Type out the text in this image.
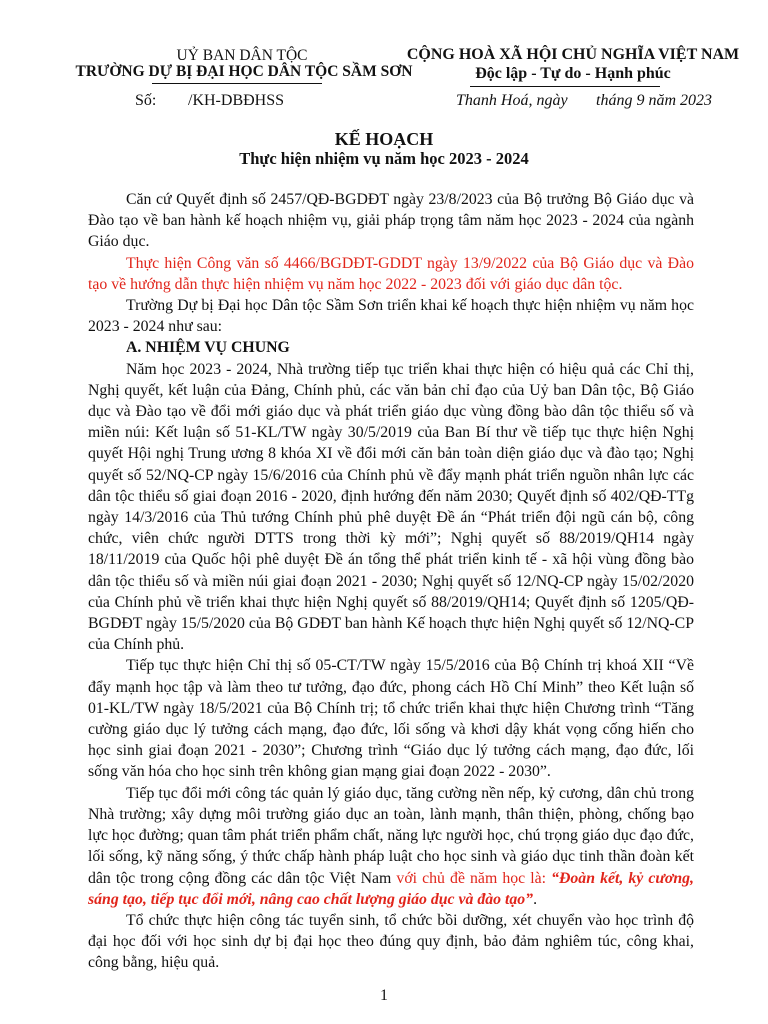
UỶ BAN DÂN TỘC
TRƯỜNG DỰ BỊ ĐẠI HỌC DÂN TỘC SẦM SƠN
CỘNG HOÀ XÃ HỘI CHỦ NGHĨA VIỆT NAM
Độc lập - Tự do - Hạnh phúc
Số: /KH-DBĐHSS	Thanh Hoá, ngày tháng 9 năm 2023
KẾ HOẠCH
Thực hiện nhiệm vụ năm học 2023 - 2024

Căn cứ Quyết định số 2457/QĐ-BGDĐT ngày 23/8/2023 của Bộ trưởng Bộ Giáo dục và Đào tạo về ban hành kế hoạch nhiệm vụ, giải pháp trọng tâm năm học 2023 - 2024 của ngành Giáo dục.

Thực hiện Công văn số 4466/BGDĐT-GDDT ngày 13/9/2022 của Bộ Giáo dục và Đào tạo về hướng dẫn thực hiện nhiệm vụ năm học 2022 - 2023 đối với giáo dục dân tộc.

Trường Dự bị Đại học Dân tộc Sầm Sơn triển khai kế hoạch thực hiện nhiệm vụ năm học 2023 - 2024 như sau:

A. NHIỆM VỤ CHUNG

Năm học 2023 - 2024, Nhà trường tiếp tục triển khai thực hiện có hiệu quả các Chỉ thị, Nghị quyết, kết luận của Đảng, Chính phủ, các văn bản chỉ đạo của Uỷ ban Dân tộc, Bộ Giáo dục và Đào tạo về đổi mới giáo dục và phát triển giáo dục vùng đồng bào dân tộc thiểu số và miền núi: Kết luận số 51-KL/TW ngày 30/5/2019 của Ban Bí thư về tiếp tục thực hiện Nghị quyết Hội nghị Trung ương 8 khóa XI về đổi mới căn bản toàn diện giáo dục và đào tạo; Nghị quyết số 52/NQ-CP ngày 15/6/2016 của Chính phủ về đẩy mạnh phát triển nguồn nhân lực các dân tộc thiểu số giai đoạn 2016 - 2020, định hướng đến năm 2030; Quyết định số 402/QĐ-TTg ngày 14/3/2016 của Thủ tướng Chính phủ phê duyệt Đề án “Phát triển đội ngũ cán bộ, công chức, viên chức người DTTS trong thời kỳ mới”; Nghị quyết số 88/2019/QH14 ngày 18/11/2019 của Quốc hội phê duyệt Đề án tổng thể phát triển kinh tế - xã hội vùng đồng bào dân tộc thiểu số và miền núi giai đoạn 2021 - 2030; Nghị quyết số 12/NQ-CP ngày 15/02/2020 của Chính phủ về triển khai thực hiện Nghị quyết số 88/2019/QH14; Quyết định số 1205/QĐ-BGDĐT ngày 15/5/2020 của Bộ GDĐT ban hành Kế hoạch thực hiện Nghị quyết số 12/NQ-CP của Chính phủ.

Tiếp tục thực hiện Chỉ thị số 05-CT/TW ngày 15/5/2016 của Bộ Chính trị khoá XII “Về đẩy mạnh học tập và làm theo tư tưởng, đạo đức, phong cách Hồ Chí Minh” theo Kết luận số 01-KL/TW ngày 18/5/2021 của Bộ Chính trị; tổ chức triển khai thực hiện Chương trình “Tăng cường giáo dục lý tưởng cách mạng, đạo đức, lối sống và khơi dậy khát vọng cống hiến cho học sinh giai đoạn 2021 - 2030”; Chương trình “Giáo dục lý tưởng cách mạng, đạo đức, lối sống văn hóa cho học sinh trên không gian mạng giai đoạn 2022 - 2030”.

Tiếp tục đổi mới công tác quản lý giáo dục, tăng cường nền nếp, kỷ cương, dân chủ trong Nhà trường; xây dựng môi trường giáo dục an toàn, lành mạnh, thân thiện, phòng, chống bạo lực học đường; quan tâm phát triển phẩm chất, năng lực người học, chú trọng giáo dục đạo đức, lối sống, kỹ năng sống, ý thức chấp hành pháp luật cho học sinh và giáo dục tinh thần đoàn kết dân tộc trong cộng đồng các dân tộc Việt Nam với chủ đề năm học là: “Đoàn kết, kỷ cương, sáng tạo, tiếp tục đổi mới, nâng cao chất lượng giáo dục và đào tạo”.

Tổ chức thực hiện công tác tuyển sinh, tổ chức bồi dưỡng, xét chuyển vào học trình độ đại học đối với học sinh dự bị đại học theo đúng quy định, bảo đảm nghiêm túc, công khai, công bằng, hiệu quả.

1
